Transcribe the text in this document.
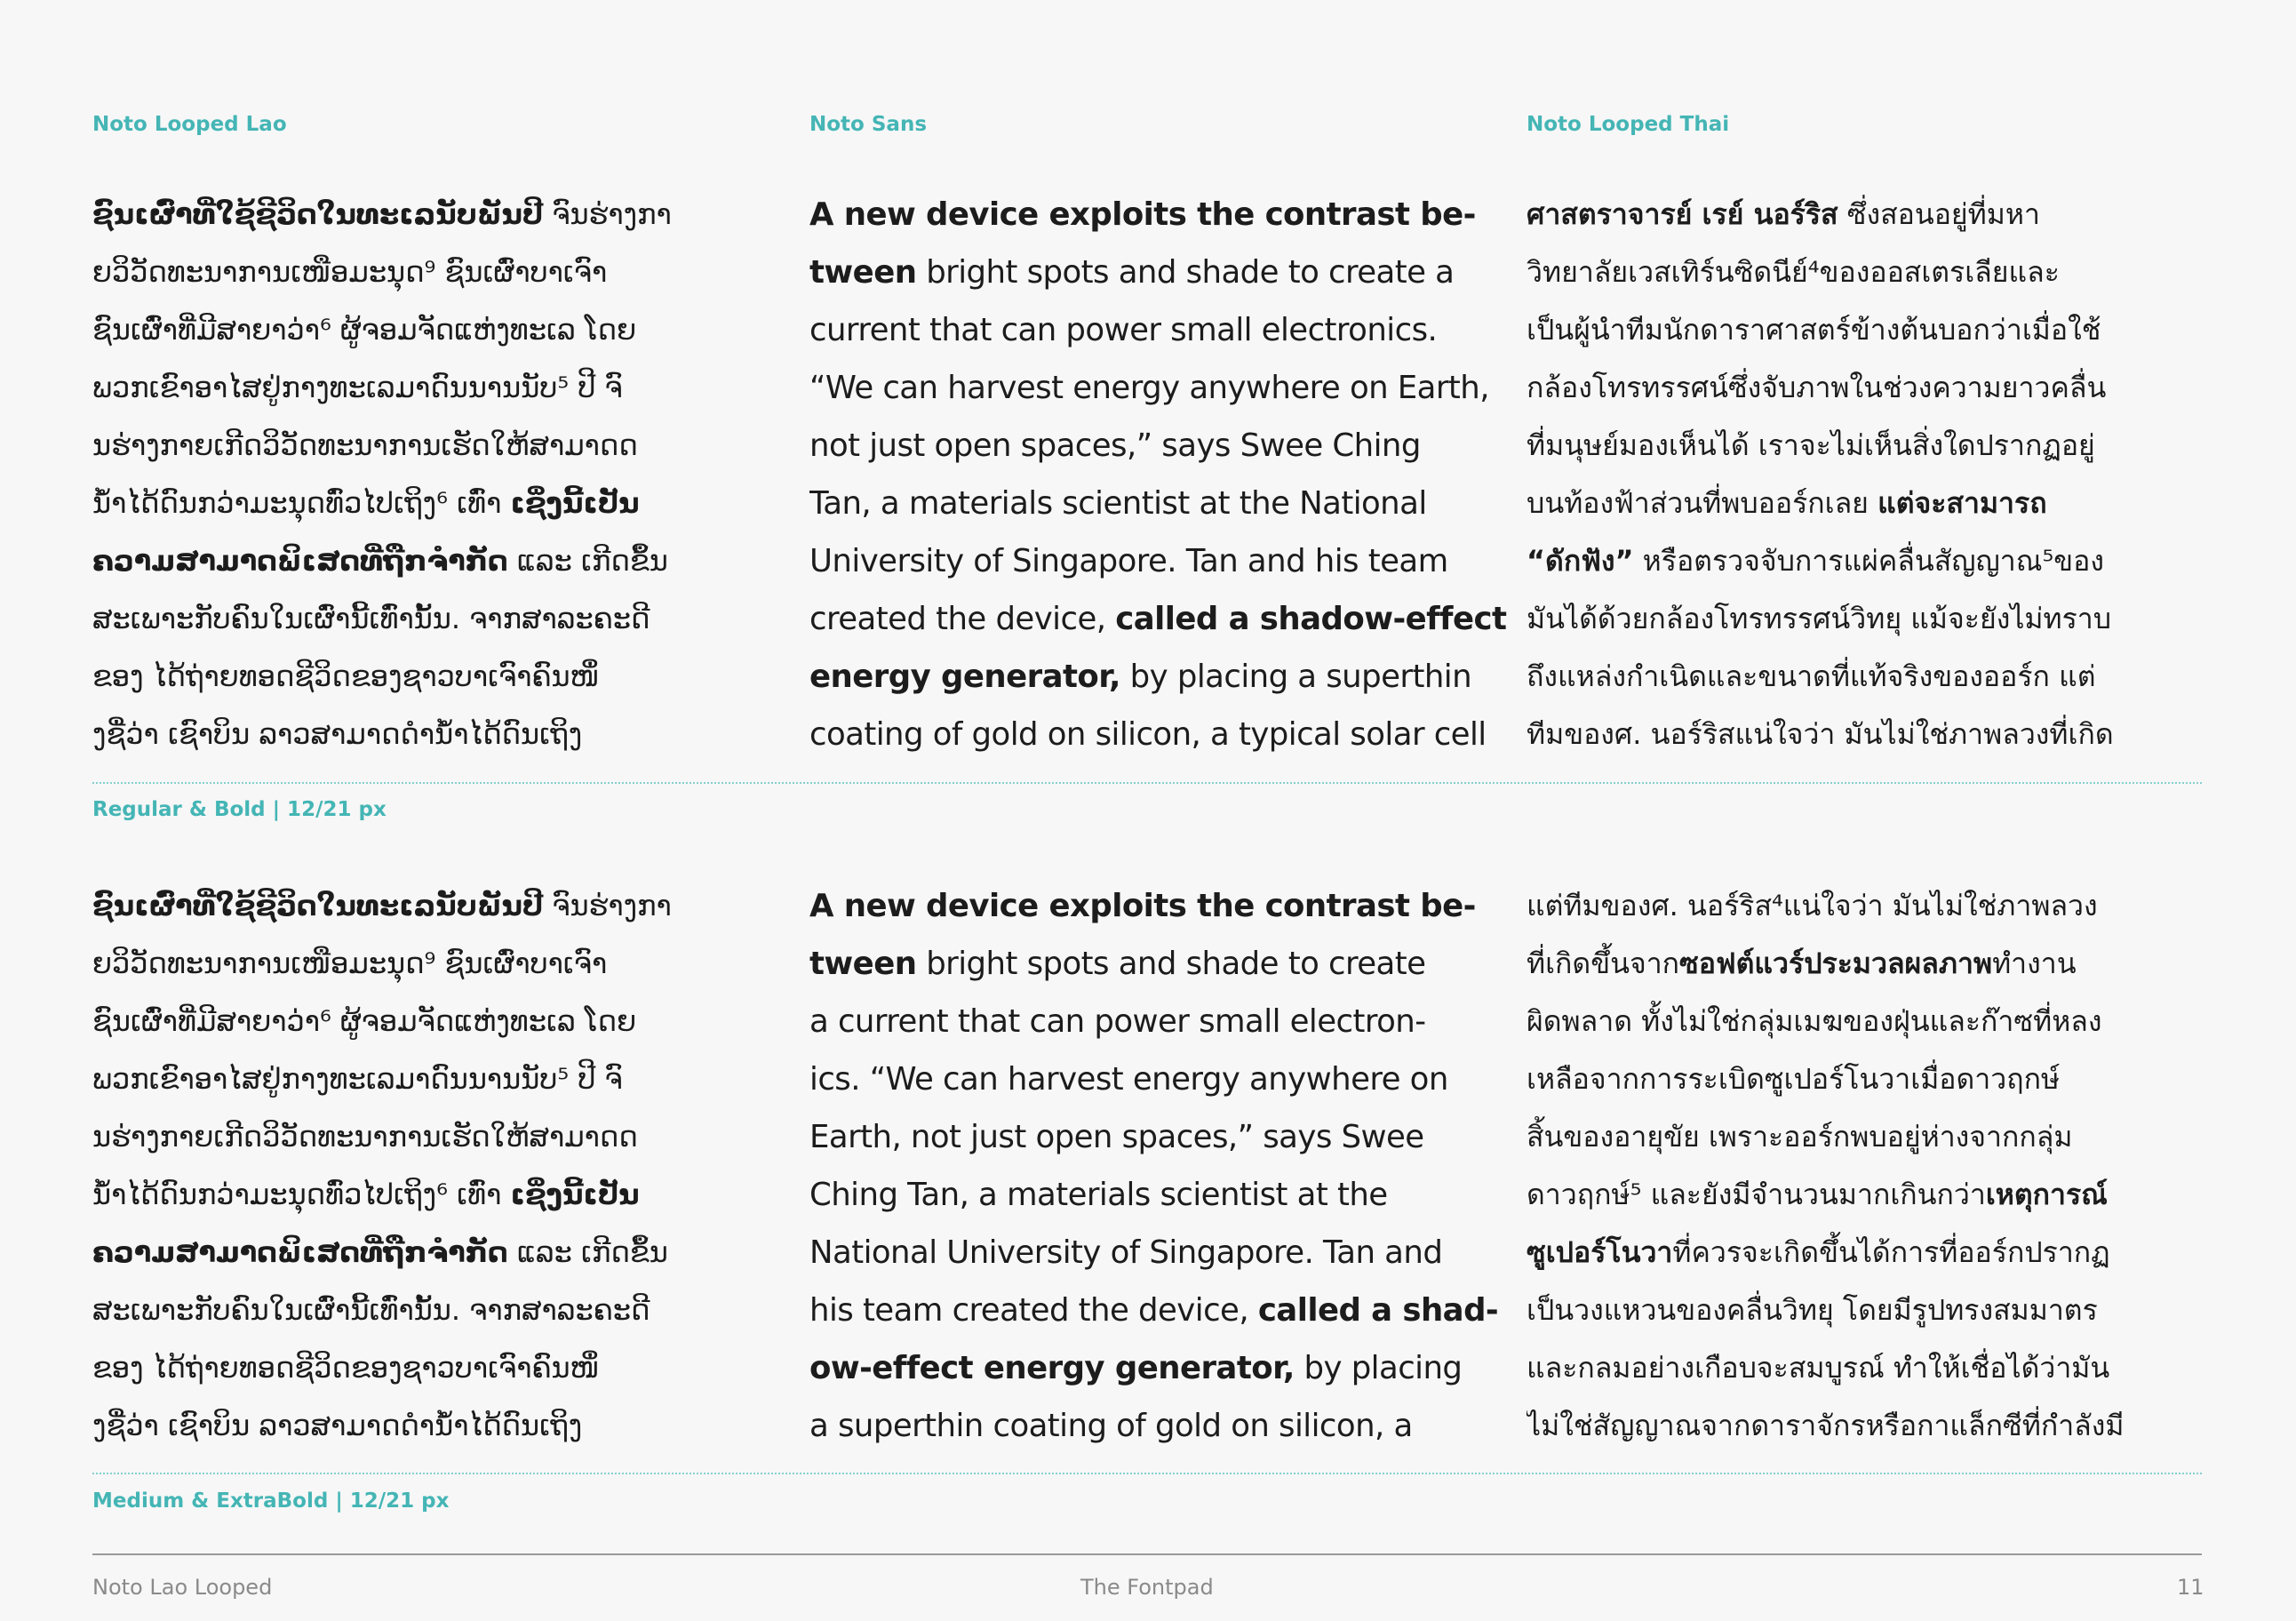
Noto Looped Lao	Noto Sans	Noto Looped Thai
ຊົນເຜົ່າທີ່ໃຊ້ຊີວິດໃນທະເລນັບພັນປີ ຈົນຮ່າງກາ
ຍວິວັດທະນາການເໜືອມະນຸດ⁹ ຊົນເຜົ່າບາເຈົາ
ຊົນເຜົ່າທີ່ມີສາຍາວ່າ⁶ ຜູ້ຈອມຈັດແຫ່ງທະເລ ໂດຍ
ພວກເຂົາອາໄສຢູ່ກາງທະເລມາດົນນານນັບ⁵ ປີ ຈົ
ນຮ່າງກາຍເກີດວິວັດທະນາການເຮັດໃຫ້ສາມາດດ
ນ້ຳໄດ້ດົນກວ່າມະນຸດທົ່ວໄປເຖິງ⁶ ເທົ່າ ເຊິ່ງນີ້ເປັນ
ຄວາມສາມາດພິເສດທີ່ຖືກຈຳກັດ ແລະ ເກີດຂຶ້ນ
ສະເພາະກັບຄົນໃນເຜົ່ານີ້ເທົ່ານັ້ນ. ຈາກສາລະຄະດີ
ຂອງ ໄດ້ຖ່າຍທອດຊີວິດຂອງຊາວບາເຈົາຄົນໜຶ່
ງຊື່ວ່າ ເຊົາບິນ ລາວສາມາດດຳນ້ຳໄດ້ດົນເຖິງ
A new device exploits the contrast be-
tween bright spots and shade to create a
current that can power small electronics.
“We can harvest energy anywhere on Earth,
not just open spaces,” says Swee Ching
Tan, a materials scientist at the National
University of Singapore. Tan and his team
created the device, called a shadow-effect
energy generator, by placing a superthin
coating of gold on silicon, a typical solar cell
ศาสตราจารย์ เรย์ นอร์ริส ซึ่งสอนอยู่ที่มหา
วิทยาลัยเวสเทิร์นซิดนีย์⁴ของออสเตรเลียและ
เป็นผู้นำทีมนักดาราศาสตร์ข้างต้นบอกว่าเมื่อใช้
กล้องโทรทรรศน์ซึ่งจับภาพในช่วงความยาวคลื่น
ที่มนุษย์มองเห็นได้ เราจะไม่เห็นสิ่งใดปรากฏอยู่
บนท้องฟ้าส่วนที่พบออร์กเลย แต่จะสามารถ
“ดักฟัง” หรือตรวจจับการแผ่คลื่นสัญญาณ⁵ของ
มันได้ด้วยกล้องโทรทรรศน์วิทยุ แม้จะยังไม่ทราบ
ถึงแหล่งกำเนิดและขนาดที่แท้จริงของออร์ก แต่
ทีมของศ. นอร์ริสแน่ใจว่า มันไม่ใช่ภาพลวงที่เกิด
Regular & Bold | 12/21 px
ຊົນເຜົ່າທີ່ໃຊ້ຊີວິດໃນທະເລນັບພັນປີ ຈົນຮ່າງກາ
ຍວິວັດທະນາການເໜືອມະນຸດ⁹ ຊົນເຜົ່າບາເຈົາ
ຊົນເຜົ່າທີ່ມີສາຍາວ່າ⁶ ຜູ້ຈອມຈັດແຫ່ງທະເລ ໂດຍ
ພວກເຂົາອາໄສຢູ່ກາງທະເລມາດົນນານນັບ⁵ ປີ ຈົ
ນຮ່າງກາຍເກີດວິວັດທະນາການເຮັດໃຫ້ສາມາດດ
ນ້ຳໄດ້ດົນກວ່າມະນຸດທົ່ວໄປເຖິງ⁶ ເທົ່າ ເຊິ່ງນີ້ເປັນ
ຄວາມສາມາດພິເສດທີ່ຖືກຈຳກັດ ແລະ ເກີດຂຶ້ນ
ສະເພາະກັບຄົນໃນເຜົ່ານີ້ເທົ່ານັ້ນ. ຈາກສາລະຄະດີ
ຂອງ ໄດ້ຖ່າຍທອດຊີວິດຂອງຊາວບາເຈົາຄົນໜຶ່
ງຊື່ວ່າ ເຊົາບິນ ລາວສາມາດດຳນ້ຳໄດ້ດົນເຖິງ
A new device exploits the contrast be-
tween bright spots and shade to create
a current that can power small electron-
ics. “We can harvest energy anywhere on
Earth, not just open spaces,” says Swee
Ching Tan, a materials scientist at the
National University of Singapore. Tan and
his team created the device, called a shad-
ow-effect energy generator, by placing
a superthin coating of gold on silicon, a
แต่ทีมของศ. นอร์ริส⁴แน่ใจว่า มันไม่ใช่ภาพลวง
ที่เกิดขึ้นจากซอฟต์แวร์ประมวลผลภาพทำงาน
ผิดพลาด ทั้งไม่ใช่กลุ่มเมฆของฝุ่นและก๊าซที่หลง
เหลือจากการระเบิดซูเปอร์โนวาเมื่อดาวฤกษ์
สิ้นของอายุขัย เพราะออร์กพบอยู่ห่างจากกลุ่ม
ดาวฤกษ์⁵ และยังมีจำนวนมากเกินกว่าเหตุการณ์
ซูเปอร์โนวาที่ควรจะเกิดขึ้นได้การที่ออร์กปรากฏ
เป็นวงแหวนของคลื่นวิทยุ โดยมีรูปทรงสมมาตร
และกลมอย่างเกือบจะสมบูรณ์ ทำให้เชื่อได้ว่ามัน
ไม่ใช่สัญญาณจากดาราจักรหรือกาแล็กซีที่กำลังมี
Medium & ExtraBold | 12/21 px
Noto Lao Looped	The Fontpad	11
